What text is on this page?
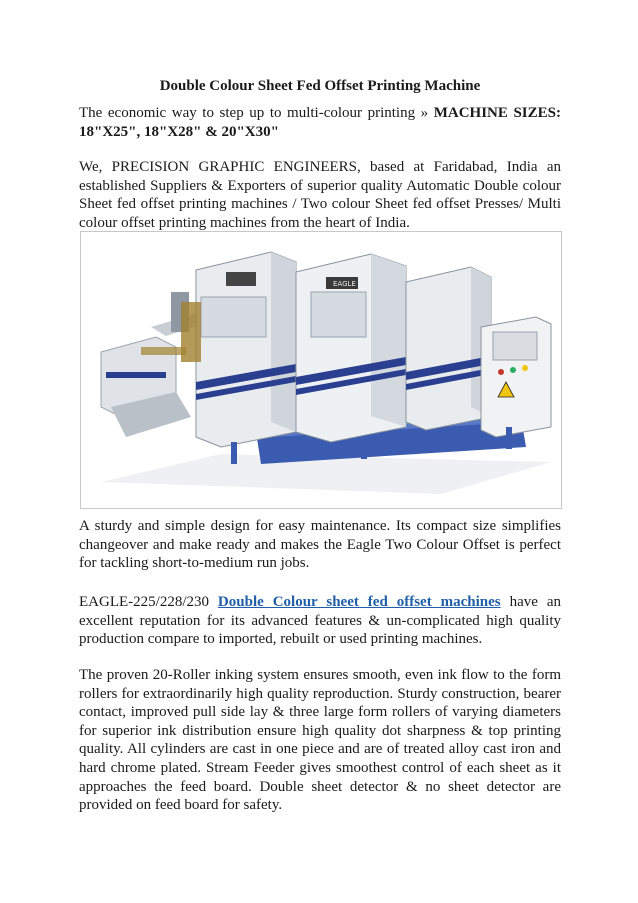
Double Colour Sheet Fed Offset Printing Machine

The economic way to step up to multi-colour printing » MACHINE SIZES: 18"X25", 18"X28" & 20"X30"

We, PRECISION GRAPHIC ENGINEERS, based at Faridabad, India an established Suppliers & Exporters of superior quality Automatic Double colour Sheet fed offset printing machines / Two colour Sheet fed offset Presses/ Multi colour offset printing machines from the heart of India.

EAGLE

A sturdy and simple design for easy maintenance. Its compact size simplifies changeover and make ready and makes the Eagle Two Colour Offset is perfect for tackling short-to-medium run jobs.

EAGLE-225/228/230 Double Colour sheet fed offset machines have an excellent reputation for its advanced features & un-complicated high quality production compare to imported, rebuilt or used printing machines.

The proven 20-Roller inking system ensures smooth, even ink flow to the form rollers for extraordinarily high quality reproduction. Sturdy construction, bearer contact, improved pull side lay & three large form rollers of varying diameters for superior ink distribution ensure high quality dot sharpness & top printing quality. All cylinders are cast in one piece and are of treated alloy cast iron and hard chrome plated. Stream Feeder gives smoothest control of each sheet as it approaches the feed board. Double sheet detector & no sheet detector are provided on feed board for safety.
